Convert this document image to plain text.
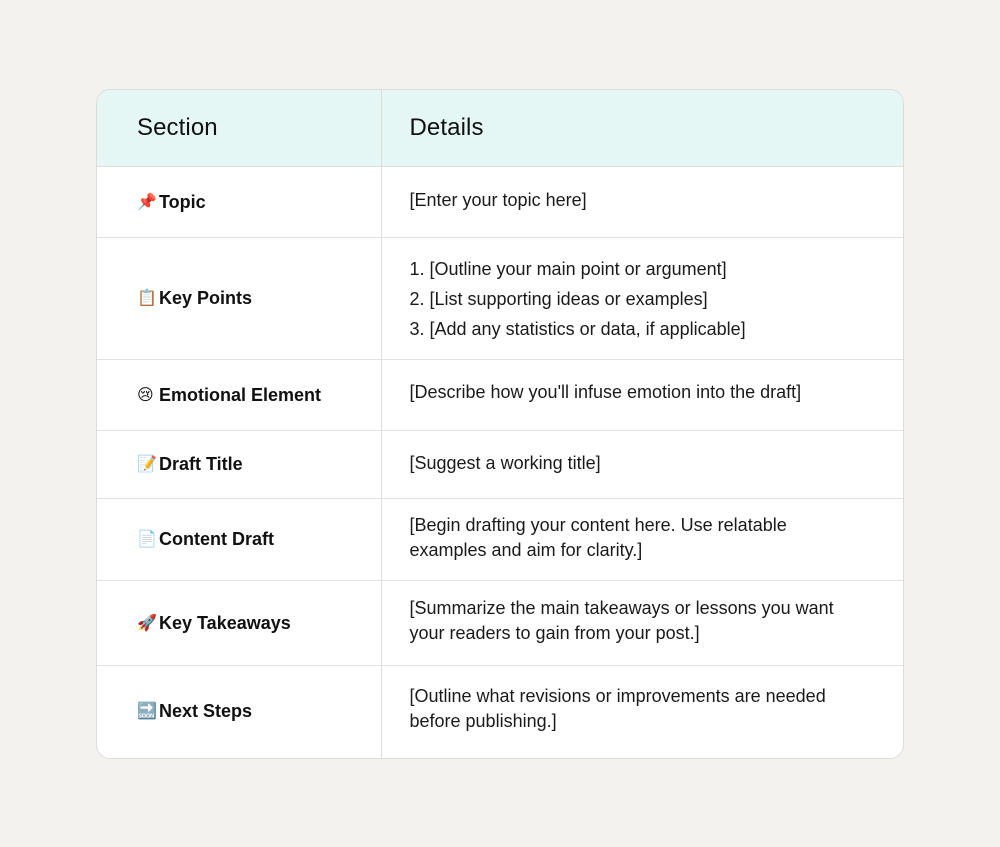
Section	Details
📌 Topic	[Enter your topic here]

📋 Key Points	1. [Outline your main point or argument]
2. [List supporting ideas or examples]
3. [Add any statistics or data, if applicable]

😢 Emotional Element	[Describe how you'll infuse emotion into the draft]

📝 Draft Title	[Suggest a working title]

📄 Content Draft	[Begin drafting your content here. Use relatable examples and aim for clarity.]

🚀 Key Takeaways	[Summarize the main takeaways or lessons you want your readers to gain from your post.]

🔜 Next Steps	[Outline what revisions or improvements are needed before publishing.]
